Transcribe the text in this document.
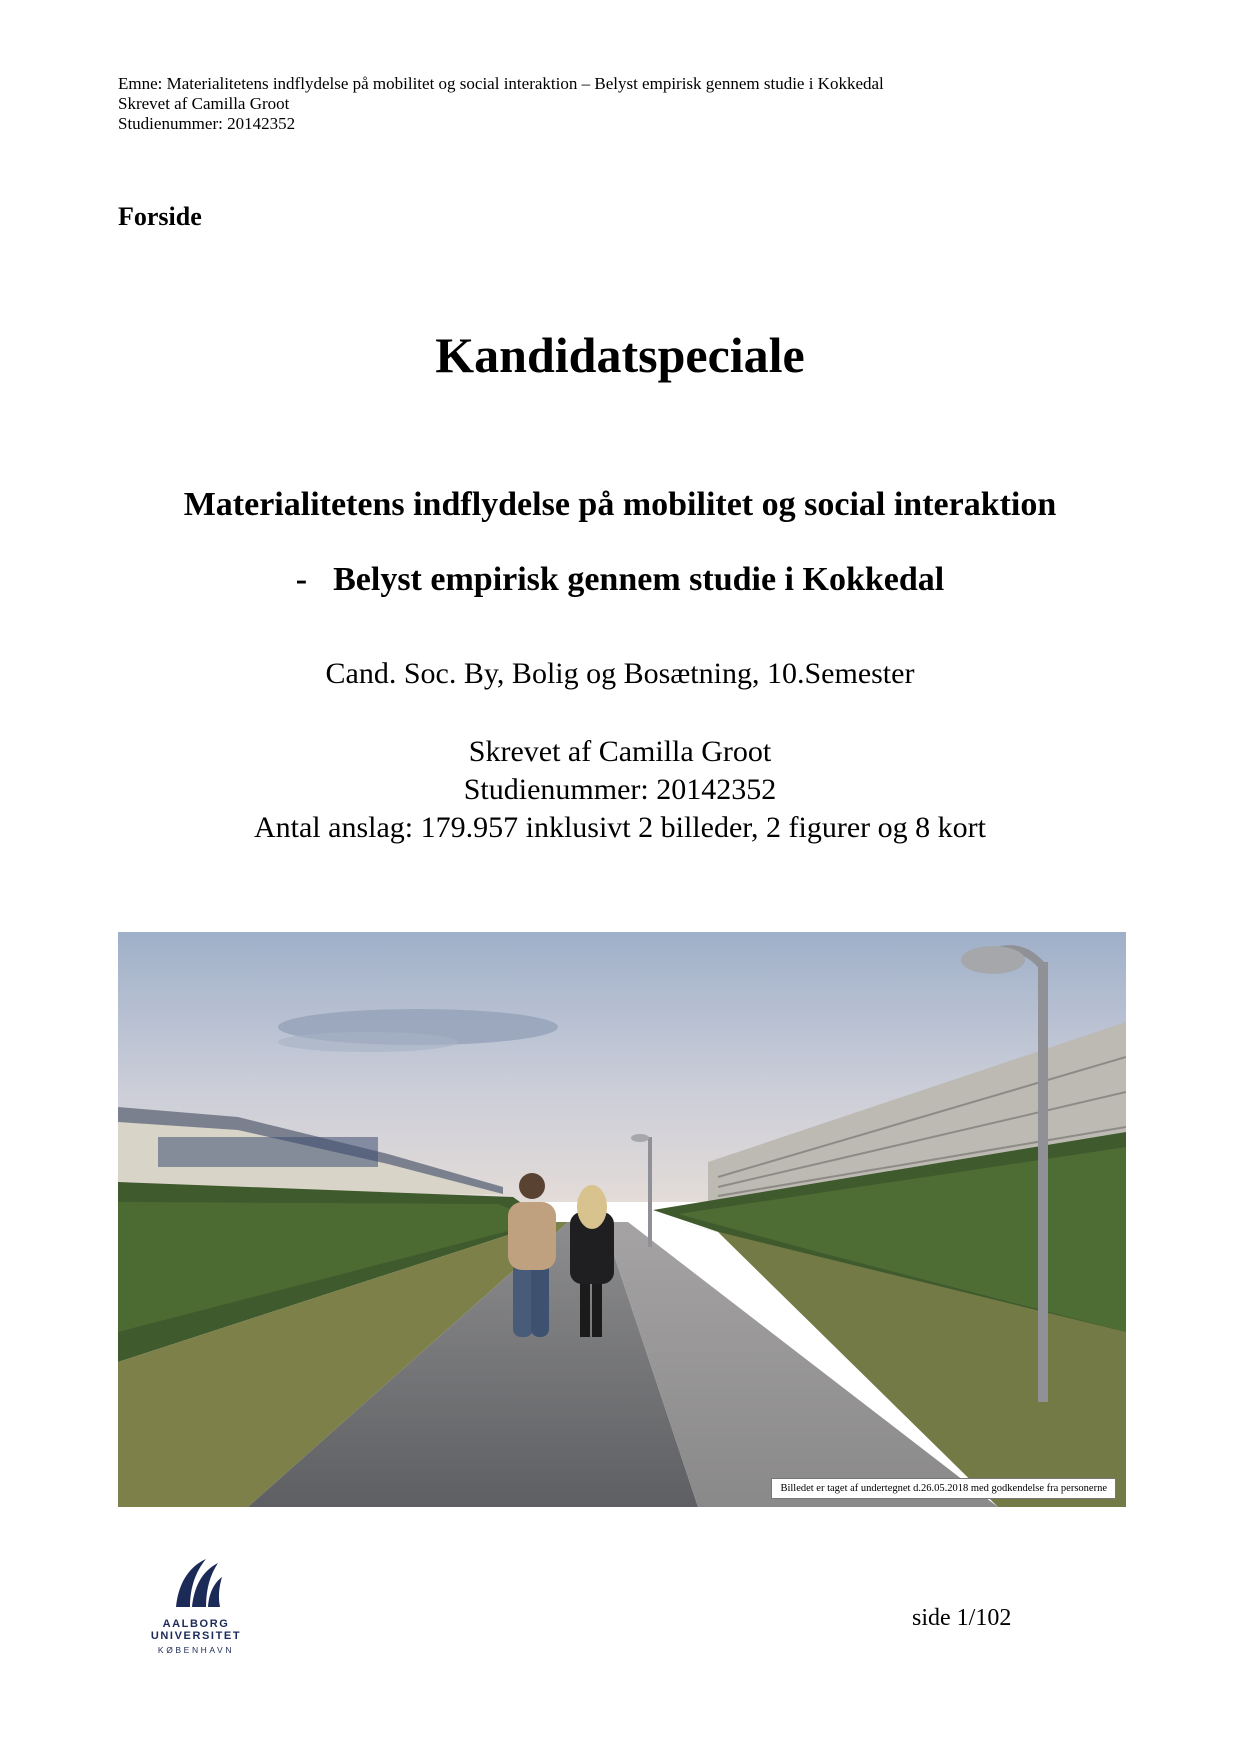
Emne: Materialitetens indflydelse på mobilitet og social interaktion – Belyst empirisk gennem studie i Kokkedal
Skrevet af Camilla Groot
Studienummer: 20142352
Forside
Kandidatspeciale
Materialitetens indflydelse på mobilitet og social interaktion
- Belyst empirisk gennem studie i Kokkedal
Cand. Soc. By, Bolig og Bosætning, 10.Semester
Skrevet af Camilla Groot
Studienummer: 20142352
Antal anslag: 179.957 inklusivt 2 billeder, 2 figurer og 8 kort
Billedet er taget af undertegnet d.26.05.2018 med godkendelse fra personerne
AALBORG UNIVERSITET
KØBENHAVN
side 1/102
